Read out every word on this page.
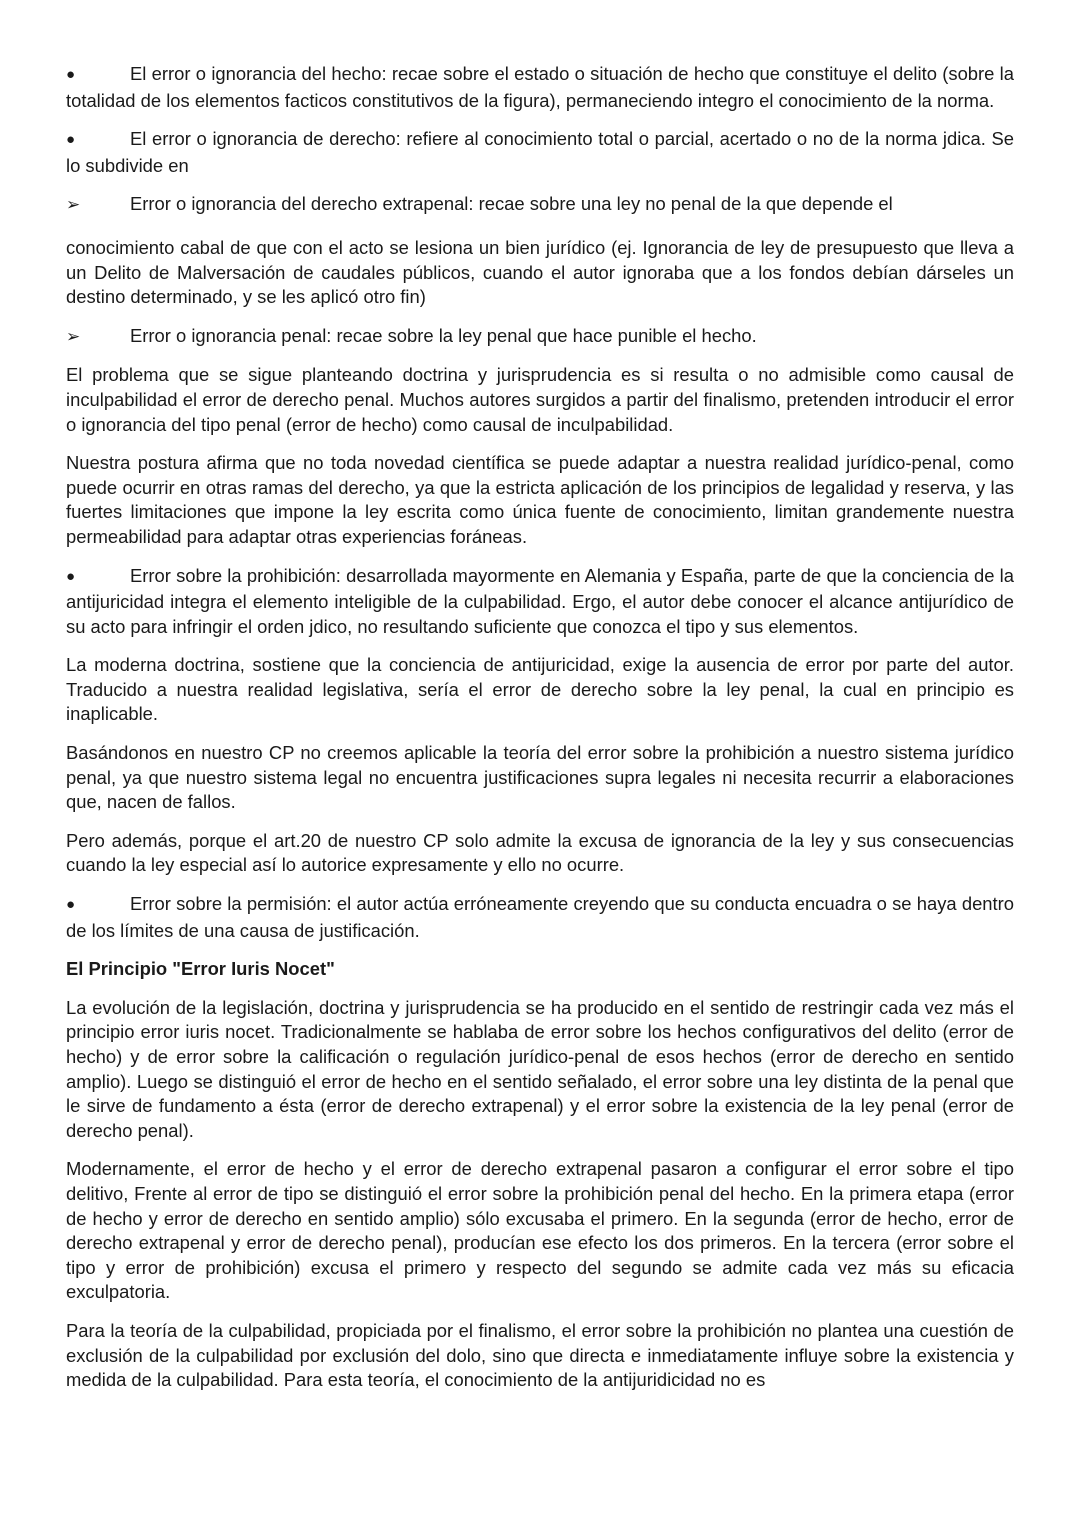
●	El error o ignorancia del hecho: recae sobre el estado o situación de hecho que constituye el delito (sobre la totalidad de los elementos facticos constitutivos de la figura), permaneciendo integro el conocimiento de la norma.

●	El error o ignorancia de derecho: refiere al conocimiento total o parcial, acertado o no de la norma jdica. Se lo subdivide en

➢	Error o ignorancia del derecho extrapenal: recae sobre una ley no penal de la que depende el

conocimiento cabal de que con el acto se lesiona un bien jurídico (ej. Ignorancia de ley de presupuesto que lleva a un Delito de Malversación de caudales públicos, cuando el autor ignoraba que a los fondos debían dárseles un destino determinado, y se les aplicó otro fin)

➢	Error o ignorancia penal: recae sobre la ley penal que hace punible el hecho.

El problema que se sigue planteando doctrina y jurisprudencia es si resulta o no admisible como causal de inculpabilidad el error de derecho penal. Muchos autores surgidos a partir del finalismo, pretenden introducir el error o ignorancia del tipo penal (error de hecho) como causal de inculpabilidad.

Nuestra postura afirma que no toda novedad científica se puede adaptar a nuestra realidad jurídico-penal, como puede ocurrir en otras ramas del derecho, ya que la estricta aplicación de los principios de legalidad y reserva, y las fuertes limitaciones que impone la ley escrita como única fuente de conocimiento, limitan grandemente nuestra permeabilidad para adaptar otras experiencias foráneas.

●	Error sobre la prohibición: desarrollada mayormente en Alemania y España, parte de que la conciencia de la antijuricidad integra el elemento inteligible de la culpabilidad. Ergo, el autor debe conocer el alcance antijurídico de su acto para infringir el orden jdico, no resultando suficiente que conozca el tipo y sus elementos.

La moderna doctrina, sostiene que la conciencia de antijuricidad, exige la ausencia de error por parte del autor. Traducido a nuestra realidad legislativa, sería el error de derecho sobre la ley penal, la cual en principio es inaplicable.

Basándonos en nuestro CP no creemos aplicable la teoría del error sobre la prohibición a nuestro sistema jurídico penal, ya que nuestro sistema legal no encuentra justificaciones supra legales ni necesita recurrir a elaboraciones que, nacen de fallos.

Pero además, porque el art.20 de nuestro CP solo admite la excusa de ignorancia de la ley y sus consecuencias cuando la ley especial así lo autorice expresamente y ello no ocurre.

●	Error sobre la permisión: el autor actúa erróneamente creyendo que su conducta encuadra o se haya dentro de los límites de una causa de justificación.

El Principio "Error Iuris Nocet"

La evolución de la legislación, doctrina y jurisprudencia se ha producido en el sentido de restringir cada vez más el principio error iuris nocet. Tradicionalmente se hablaba de error sobre los hechos configurativos del delito (error de hecho) y de error sobre la calificación o regulación jurídico-penal de esos hechos (error de derecho en sentido amplio). Luego se distinguió el error de hecho en el sentido señalado, el error sobre una ley distinta de la penal que le sirve de fundamento a ésta (error de derecho extrapenal) y el error sobre la existencia de la ley penal (error de derecho penal).

Modernamente, el error de hecho y el error de derecho extrapenal pasaron a configurar el error sobre el tipo delitivo, Frente al error de tipo se distinguió el error sobre la prohibición penal del hecho. En la primera etapa (error de hecho y error de derecho en sentido amplio) sólo excusaba el primero. En la segunda (error de hecho, error de derecho extrapenal y error de derecho penal), producían ese efecto los dos primeros. En la tercera (error sobre el tipo y error de prohibición) excusa el primero y respecto del segundo se admite cada vez más su eficacia exculpatoria.

Para la teoría de la culpabilidad, propiciada por el finalismo, el error sobre la prohibición no plantea una cuestión de exclusión de la culpabilidad por exclusión del dolo, sino que directa e inmediatamente influye sobre la existencia y medida de la culpabilidad. Para esta teoría, el conocimiento de la antijuridicidad no es
